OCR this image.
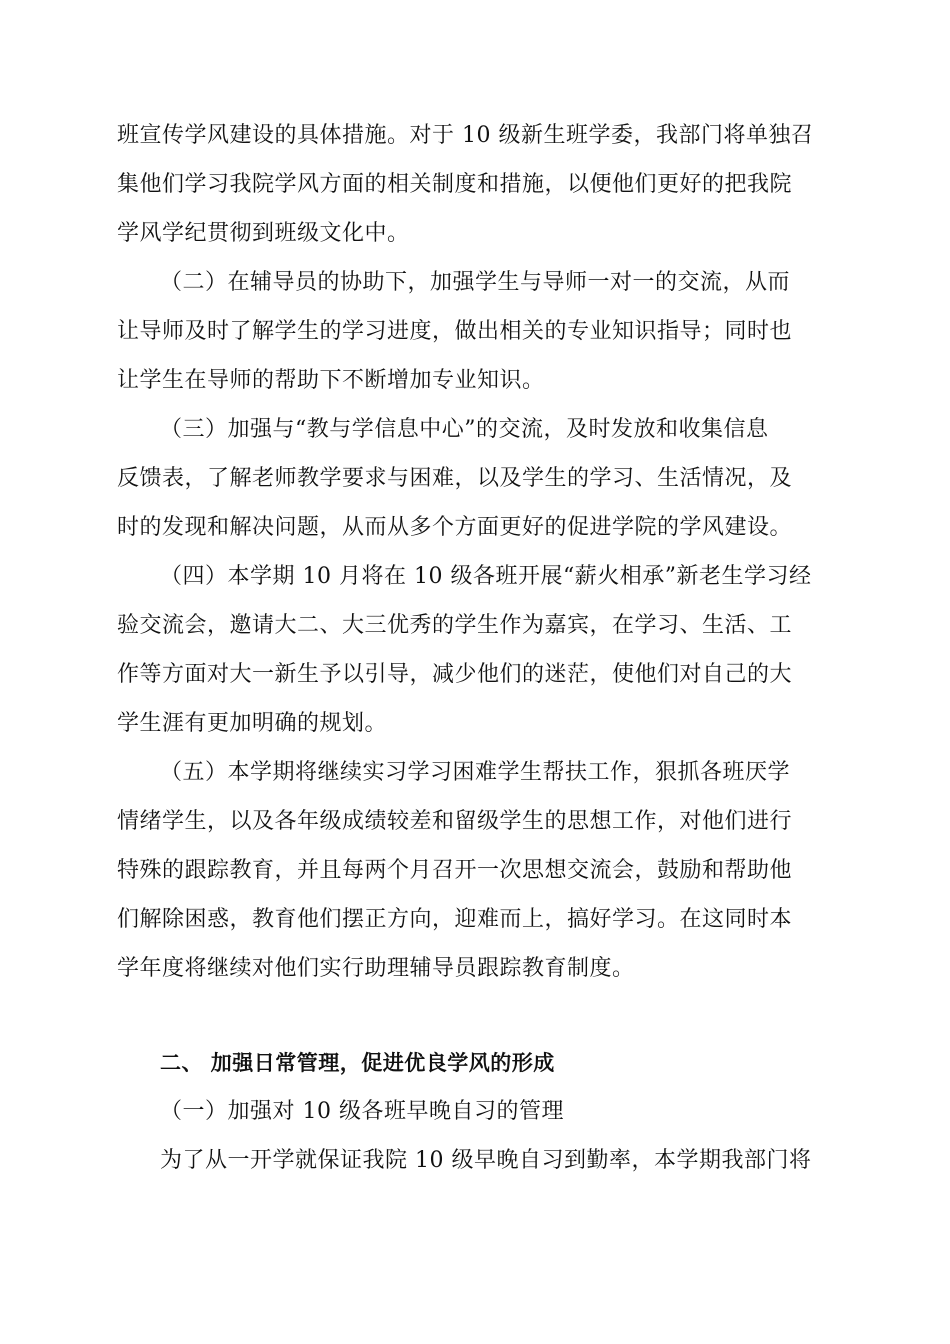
班宣传学风建设的具体措施。对于 10 级新生班学委，我部门将单独召
集他们学习我院学风方面的相关制度和措施，以便他们更好的把我院
学风学纪贯彻到班级文化中。
（二）在辅导员的协助下，加强学生与导师一对一的交流，从而
让导师及时了解学生的学习进度，做出相关的专业知识指导；同时也
让学生在导师的帮助下不断增加专业知识。
（三）加强与“教与学信息中心”的交流，及时发放和收集信息
反馈表，了解老师教学要求与困难，以及学生的学习、生活情况，及
时的发现和解决问题，从而从多个方面更好的促进学院的学风建设。
（四）本学期 10 月将在 10 级各班开展“薪火相承”新老生学习经
验交流会，邀请大二、大三优秀的学生作为嘉宾，在学习、生活、工
作等方面对大一新生予以引导，减少他们的迷茫，使他们对自己的大
学生涯有更加明确的规划。
（五）本学期将继续实习学习困难学生帮扶工作，狠抓各班厌学
情绪学生，以及各年级成绩较差和留级学生的思想工作，对他们进行
特殊的跟踪教育，并且每两个月召开一次思想交流会，鼓励和帮助他
们解除困惑，教育他们摆正方向，迎难而上，搞好学习。在这同时本
学年度将继续对他们实行助理辅导员跟踪教育制度。
二、 加强日常管理，促进优良学风的形成
（一）加强对 10 级各班早晚自习的管理
为了从一开学就保证我院 10 级早晚自习到勤率，本学期我部门将
